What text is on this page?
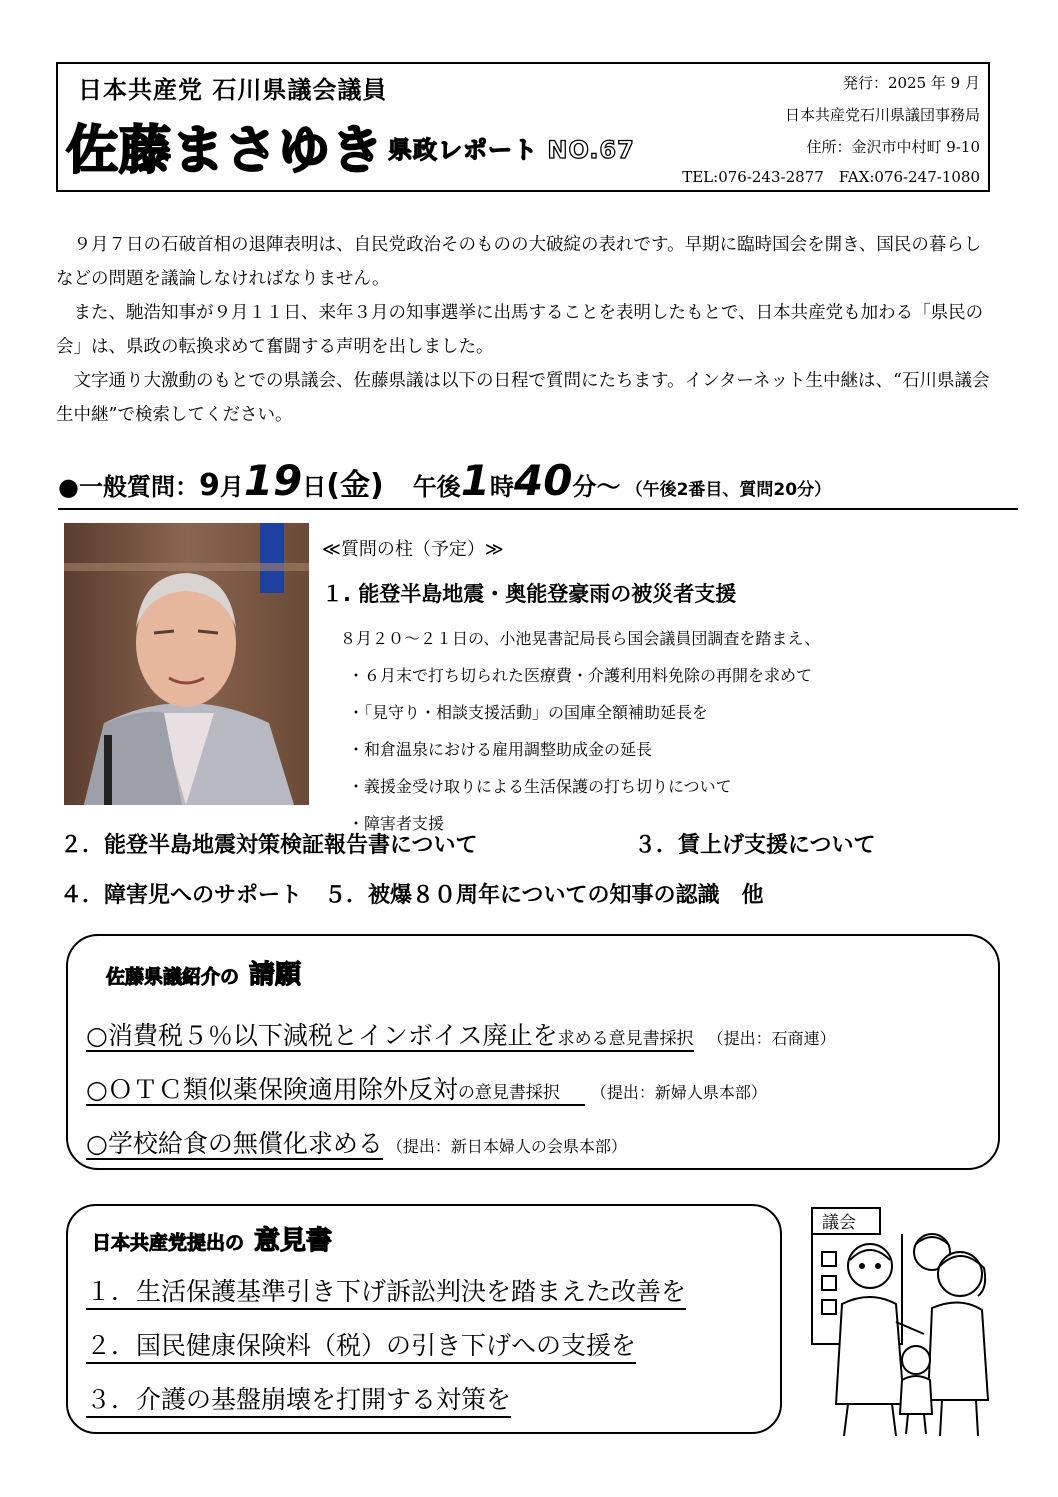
日本共産党 石川県議会議員
佐藤まさゆき 県政レポート NO.67
発行：2025 年 9 月
日本共産党石川県議団事務局
住所：金沢市中村町 9-10
TEL:076-243-2877　FAX:076-247-1080

９月７日の石破首相の退陣表明は、自民党政治そのものの大破綻の表れです。早期に臨時国会を開き、国民の暮らしなどの問題を議論しなければなりません。

また、馳浩知事が９月１１日、来年３月の知事選挙に出馬することを表明したもとで、日本共産党も加わる「県民の会」は、県政の転換求めて奮闘する声明を出しました。

文字通り大激動のもとでの県議会、佐藤県議は以下の日程で質問にたちます。インターネット生中継は、“石川県議会　生中継”で検索してください。

●一般質問：9月19日(金) 午後1時40分～ （午後2番目、質問20分）
≪質問の柱（予定）≫
１. 能登半島地震・奥能登豪雨の被災者支援
８月２０～２１日の、小池晃書記局長ら国会議員団調査を踏まえ、
・６月末で打ち切られた医療費・介護利用料免除の再開を求めて
・「見守り・相談支援活動」の国庫全額補助延長を
・和倉温泉における雇用調整助成金の延長
・義援金受け取りによる生活保護の打ち切りについて
・障害者支援
２．能登半島地震対策検証報告書について	３．賃上げ支援について
４．障害児へのサポート　５．被爆８０周年についての知事の認識　他
佐藤県議紹介の 請願
○消費税５％以下減税とインボイス廃止を求める意見書採択 （提出：石商連）
○ＯＴＣ類似薬保険適用除外反対の意見書採択　 （提出：新婦人県本部）
○学校給食の無償化求める （提出：新日本婦人の会県本部）
日本共産党提出の 意見書
１．生活保護基準引き下げ訴訟判決を踏まえた改善を
２．国民健康保険料（税）の引き下げへの支援を
３．介護の基盤崩壊を打開する対策を
議会
